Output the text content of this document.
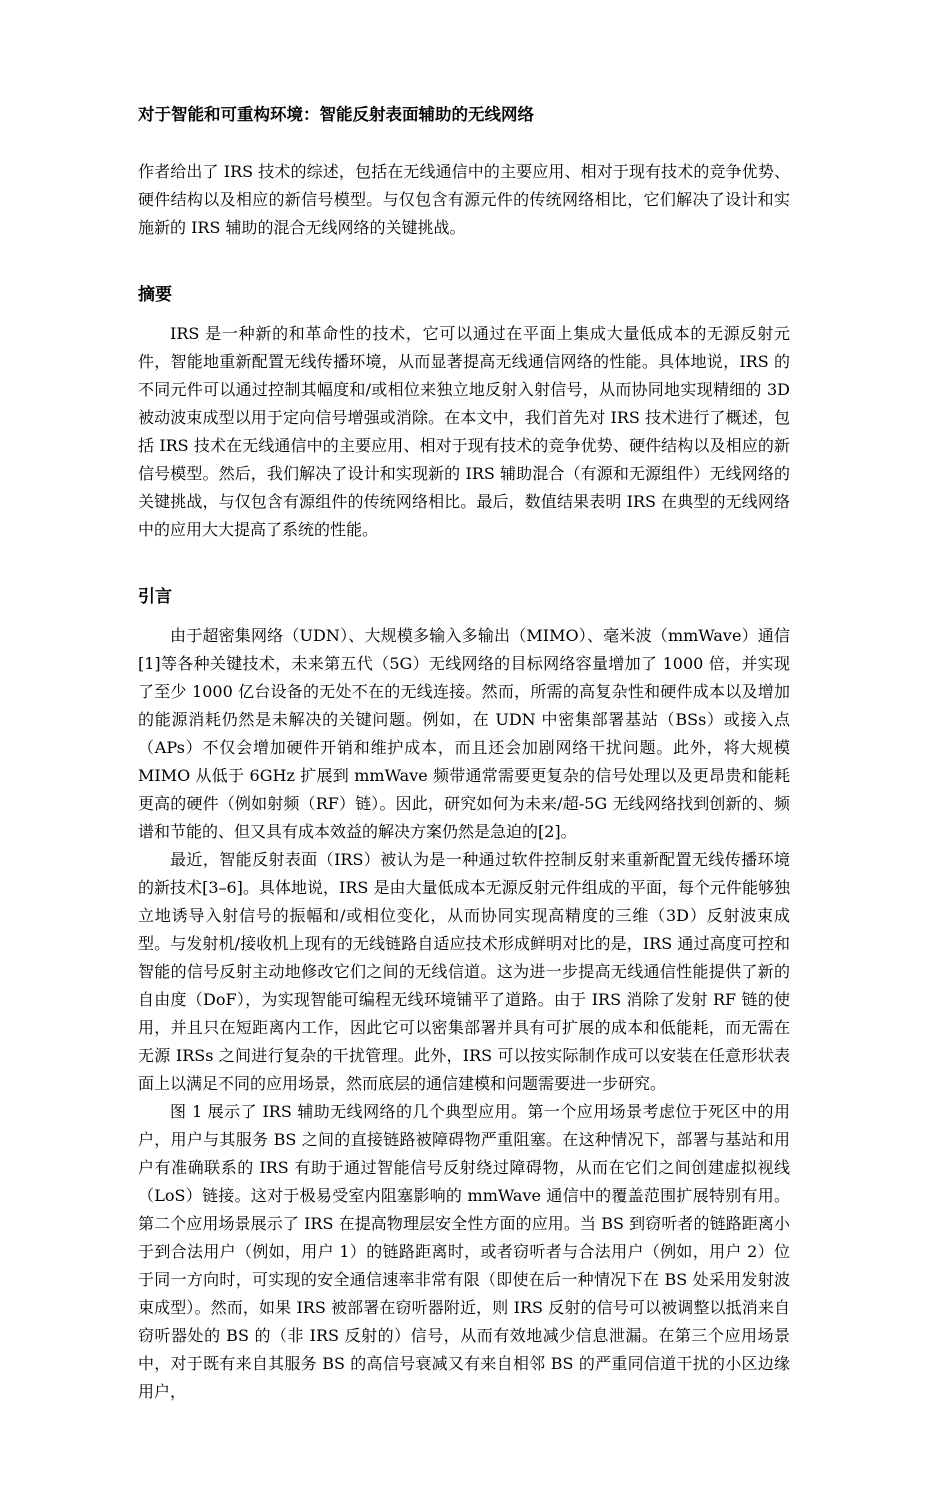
对于智能和可重构环境：智能反射表面辅助的无线网络

作者给出了 IRS 技术的综述，包括在无线通信中的主要应用、相对于现有技术的竞争优势、硬件结构以及相应的新信号模型。与仅包含有源元件的传统网络相比，它们解决了设计和实施新的 IRS 辅助的混合无线网络的关键挑战。

摘要

IRS 是一种新的和革命性的技术，它可以通过在平面上集成大量低成本的无源反射元件，智能地重新配置无线传播环境，从而显著提高无线通信网络的性能。具体地说，IRS 的不同元件可以通过控制其幅度和/或相位来独立地反射入射信号，从而协同地实现精细的 3D 被动波束成型以用于定向信号增强或消除。在本文中，我们首先对 IRS 技术进行了概述，包括 IRS 技术在无线通信中的主要应用、相对于现有技术的竞争优势、硬件结构以及相应的新信号模型。然后，我们解决了设计和实现新的 IRS 辅助混合（有源和无源组件）无线网络的关键挑战，与仅包含有源组件的传统网络相比。最后，数值结果表明 IRS 在典型的无线网络中的应用大大提高了系统的性能。

引言

由于超密集网络（UDN）、大规模多输入多输出（MIMO）、毫米波（mmWave）通信[1]等各种关键技术，未来第五代（5G）无线网络的目标网络容量增加了 1000 倍，并实现了至少 1000 亿台设备的无处不在的无线连接。然而，所需的高复杂性和硬件成本以及增加的能源消耗仍然是未解决的关键问题。例如，在 UDN 中密集部署基站（BSs）或接入点（APs）不仅会增加硬件开销和维护成本，而且还会加剧网络干扰问题。此外，将大规模 MIMO 从低于 6GHz 扩展到 mmWave 频带通常需要更复杂的信号处理以及更昂贵和能耗更高的硬件（例如射频（RF）链）。因此，研究如何为未来/超-5G 无线网络找到创新的、频谱和节能的、但又具有成本效益的解决方案仍然是急迫的[2]。

最近，智能反射表面（IRS）被认为是一种通过软件控制反射来重新配置无线传播环境的新技术[3–6]。具体地说，IRS 是由大量低成本无源反射元件组成的平面，每个元件能够独立地诱导入射信号的振幅和/或相位变化，从而协同实现高精度的三维（3D）反射波束成型。与发射机/接收机上现有的无线链路自适应技术形成鲜明对比的是，IRS 通过高度可控和智能的信号反射主动地修改它们之间的无线信道。这为进一步提高无线通信性能提供了新的自由度（DoF），为实现智能可编程无线环境铺平了道路。由于 IRS 消除了发射 RF 链的使用，并且只在短距离内工作，因此它可以密集部署并具有可扩展的成本和低能耗，而无需在无源 IRSs 之间进行复杂的干扰管理。此外，IRS 可以按实际制作成可以安装在任意形状表面上以满足不同的应用场景，然而底层的通信建模和问题需要进一步研究。

图 1 展示了 IRS 辅助无线网络的几个典型应用。第一个应用场景考虑位于死区中的用户，用户与其服务 BS 之间的直接链路被障碍物严重阻塞。在这种情况下，部署与基站和用户有准确联系的 IRS 有助于通过智能信号反射绕过障碍物，从而在它们之间创建虚拟视线（LoS）链接。这对于极易受室内阻塞影响的 mmWave 通信中的覆盖范围扩展特别有用。第二个应用场景展示了 IRS 在提高物理层安全性方面的应用。当 BS 到窃听者的链路距离小于到合法用户（例如，用户 1）的链路距离时，或者窃听者与合法用户（例如，用户 2）位于同一方向时，可实现的安全通信速率非常有限（即使在后一种情况下在 BS 处采用发射波束成型）。然而，如果 IRS 被部署在窃听器附近，则 IRS 反射的信号可以被调整以抵消来自窃听器处的 BS 的（非 IRS 反射的）信号，从而有效地减少信息泄漏。在第三个应用场景中，对于既有来自其服务 BS 的高信号衰减又有来自相邻 BS 的严重同信道干扰的小区边缘用户，
